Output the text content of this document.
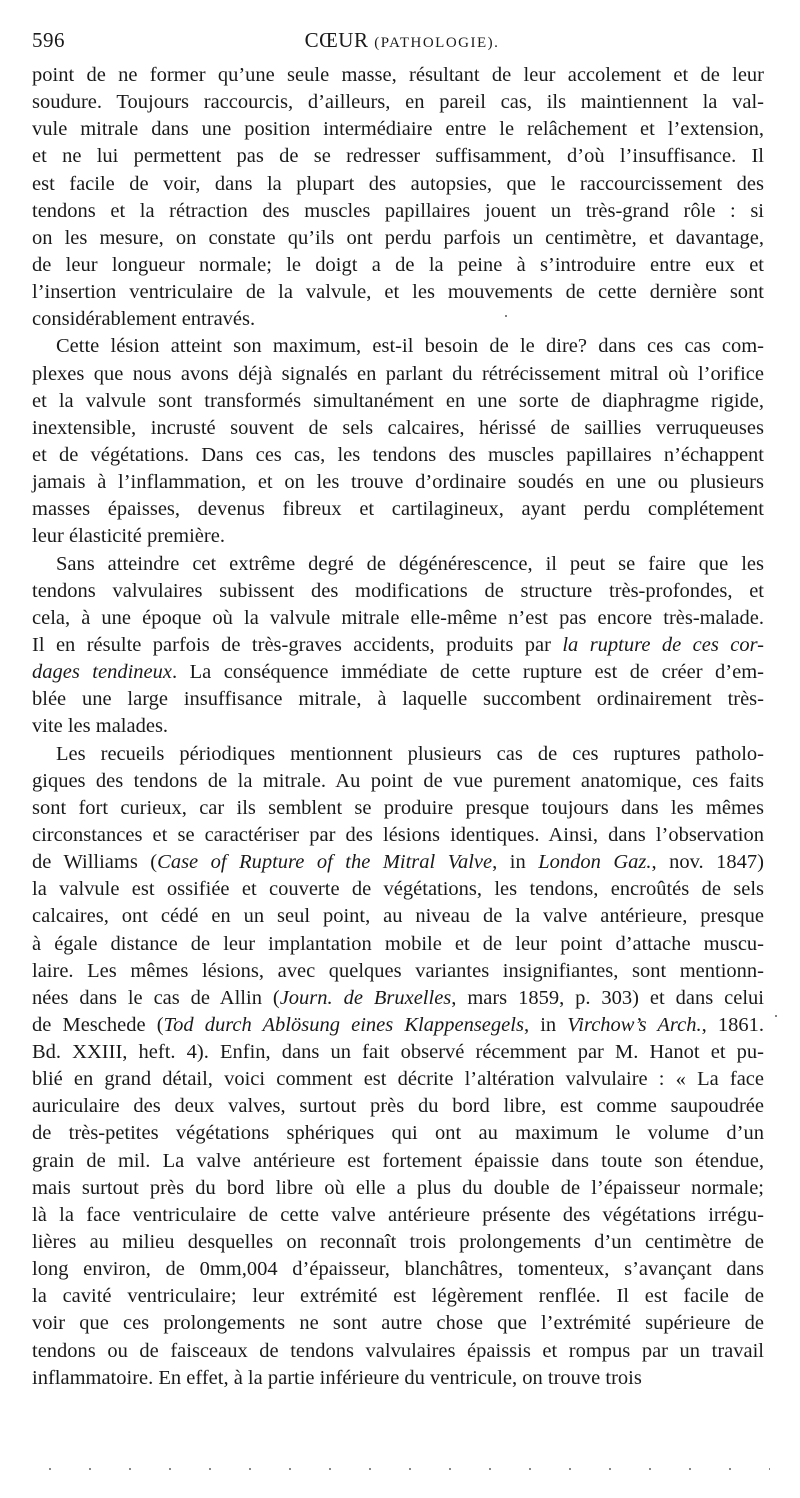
596	CŒUR (PATHOLOGIE).
point de ne former qu’une seule masse, résultant de leur accolement et de leur
soudure. Toujours raccourcis, d’ailleurs, en pareil cas, ils maintiennent la val-
vule mitrale dans une position intermédiaire entre le relâchement et l’extension,
et ne lui permettent pas de se redresser suffisamment, d’où l’insuffisance. Il
est facile de voir, dans la plupart des autopsies, que le raccourcissement des
tendons et la rétraction des muscles papillaires jouent un très-grand rôle : si
on les mesure, on constate qu’ils ont perdu parfois un centimètre, et davantage,
de leur longueur normale; le doigt a de la peine à s’introduire entre eux et
l’insertion ventriculaire de la valvule, et les mouvements de cette dernière sont
considérablement entravés.
Cette lésion atteint son maximum, est-il besoin de le dire? dans ces cas com-
plexes que nous avons déjà signalés en parlant du rétrécissement mitral où l’orifice
et la valvule sont transformés simultanément en une sorte de diaphragme rigide,
inextensible, incrusté souvent de sels calcaires, hérissé de saillies verruqueuses
et de végétations. Dans ces cas, les tendons des muscles papillaires n’échappent
jamais à l’inflammation, et on les trouve d’ordinaire soudés en une ou plusieurs
masses épaisses, devenus fibreux et cartilagineux, ayant perdu complétement
leur élasticité première.
Sans atteindre cet extrême degré de dégénérescence, il peut se faire que les
tendons valvulaires subissent des modifications de structure très-profondes, et
cela, à une époque où la valvule mitrale elle-même n’est pas encore très-malade.
Il en résulte parfois de très-graves accidents, produits par la rupture de ces cor-
dages tendineux. La conséquence immédiate de cette rupture est de créer d’em-
blée une large insuffisance mitrale, à laquelle succombent ordinairement très-
vite les malades.
Les recueils périodiques mentionnent plusieurs cas de ces ruptures patholo-
giques des tendons de la mitrale. Au point de vue purement anatomique, ces faits
sont fort curieux, car ils semblent se produire presque toujours dans les mêmes
circonstances et se caractériser par des lésions identiques. Ainsi, dans l’observation
de Williams (Case of Rupture of the Mitral Valve, in London Gaz., nov. 1847)
la valvule est ossifiée et couverte de végétations, les tendons, encroûtés de sels
calcaires, ont cédé en un seul point, au niveau de la valve antérieure, presque
à égale distance de leur implantation mobile et de leur point d’attache muscu-
laire. Les mêmes lésions, avec quelques variantes insignifiantes, sont mentionn-
nées dans le cas de Allin (Journ. de Bruxelles, mars 1859, p. 303) et dans celui
de Meschede (Tod durch Ablösung eines Klappensegels, in Virchow’s Arch., 1861.
Bd. XXIII, heft. 4). Enfin, dans un fait observé récemment par M. Hanot et pu-
blié en grand détail, voici comment est décrite l’altération valvulaire : « La face
auriculaire des deux valves, surtout près du bord libre, est comme saupoudrée
de très-petites végétations sphériques qui ont au maximum le volume d’un
grain de mil. La valve antérieure est fortement épaissie dans toute son étendue,
mais surtout près du bord libre où elle a plus du double de l’épaisseur normale;
là la face ventriculaire de cette valve antérieure présente des végétations irrégu-
lières au milieu desquelles on reconnaît trois prolongements d’un centimètre de
long environ, de 0mm,004 d’épaisseur, blanchâtres, tomenteux, s’avançant dans
la cavité ventriculaire; leur extrémité est légèrement renflée. Il est facile de
voir que ces prolongements ne sont autre chose que l’extrémité supérieure de
tendons ou de faisceaux de tendons valvulaires épaissis et rompus par un travail
inflammatoire. En effet, à la partie inférieure du ventricule, on trouve trois
